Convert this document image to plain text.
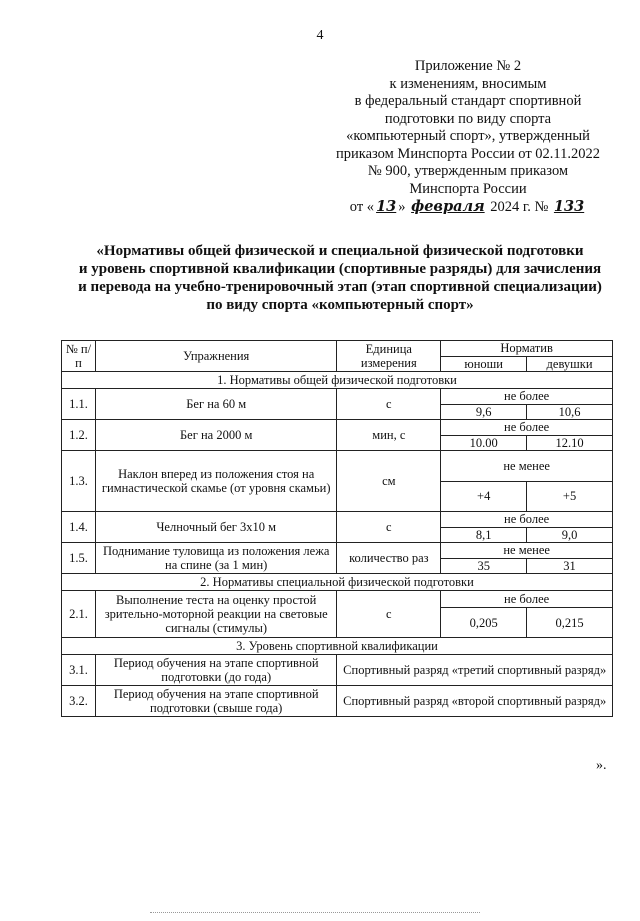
4
Приложение № 2
к изменениям, вносимым
в федеральный стандарт спортивной
подготовки по виду спорта
«компьютерный спорт», утвержденный
приказом Минспорта России от 02.11.2022
№ 900, утвержденным приказом
Минспорта России
от « 13 » февраля 2024 г. № 133
«Нормативы общей физической и специальной физической подготовки
и уровень спортивной квалификации (спортивные разряды) для зачисления
и перевода на учебно-тренировочный этап (этап спортивной специализации)
по виду спорта «компьютерный спорт»
№ п/п	Упражнения	Единица измерения	Норматив	
			юноши	девушки
1. Нормативы общей физической подготовки				
1.1.	Бег на 60 м	с	не более	
			9,6	10,6
1.2.	Бег на 2000 м	мин, с	не более	
			10.00	12.10
1.3.	Наклон вперед из положения стоя на гимнастической скамье (от уровня скамьи)	см	не менее	
			+4	+5
1.4.	Челночный бег 3х10 м	с	не более	
			8,1	9,0
1.5.	Поднимание туловища из положения лежа на спине (за 1 мин)	количество раз	не менее	
			35	31
2. Нормативы специальной физической подготовки				
2.1.	Выполнение теста на оценку простой зрительно-моторной реакции на световые сигналы (стимулы)	с	не более	
			0,205	0,215
3. Уровень спортивной квалификации				
3.1.	Период обучения на этапе спортивной подготовки (до года)	Спортивный разряд «третий спортивный разряд»		
3.2.	Период обучения на этапе спортивной подготовки (свыше года)	Спортивный разряд «второй спортивный разряд»		
».
